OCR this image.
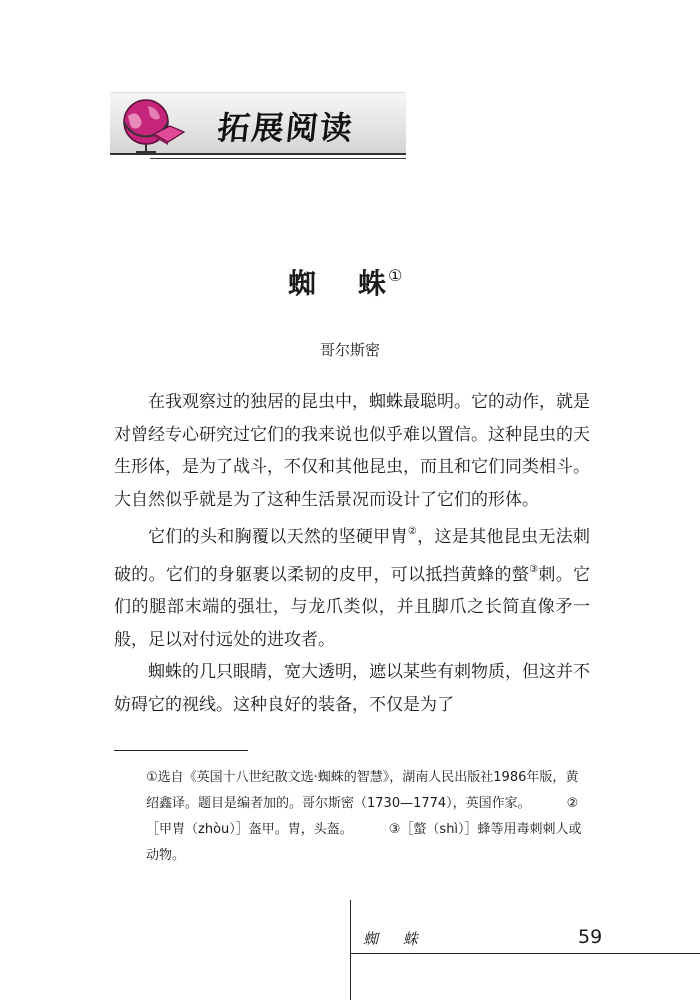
拓展阅读
蜘 蛛 ①
哥尔斯密

在我观察过的独居的昆虫中，蜘蛛最聪明。它的动作，就是对曾经专心研究过它们的我来说也似乎难以置信。这种昆虫的天生形体，是为了战斗，不仅和其他昆虫，而且和它们同类相斗。大自然似乎就是为了这种生活景况而设计了它们的形体。

它们的头和胸覆以天然的坚硬甲胄②，这是其他昆虫无法刺破的。它们的身躯裹以柔韧的皮甲，可以抵挡黄蜂的螫③刺。它们的腿部末端的强壮，与龙爪类似，并且脚爪之长简直像矛一般，足以对付远处的进攻者。

蜘蛛的几只眼睛，宽大透明，遮以某些有刺物质，但这并不妨碍它的视线。这种良好的装备，不仅是为了

①选自《英国十八世纪散文选·蜘蛛的智慧》，湖南人民出版社1986年版，黄绍鑫译。题目是编者加的。哥尔斯密（1730—1774），英国作家。	②［甲胄（zhòu）］盔甲。胄，头盔。	③［螫（shì）］蜂等用毒刺刺人或动物。
蜘 蛛	59
